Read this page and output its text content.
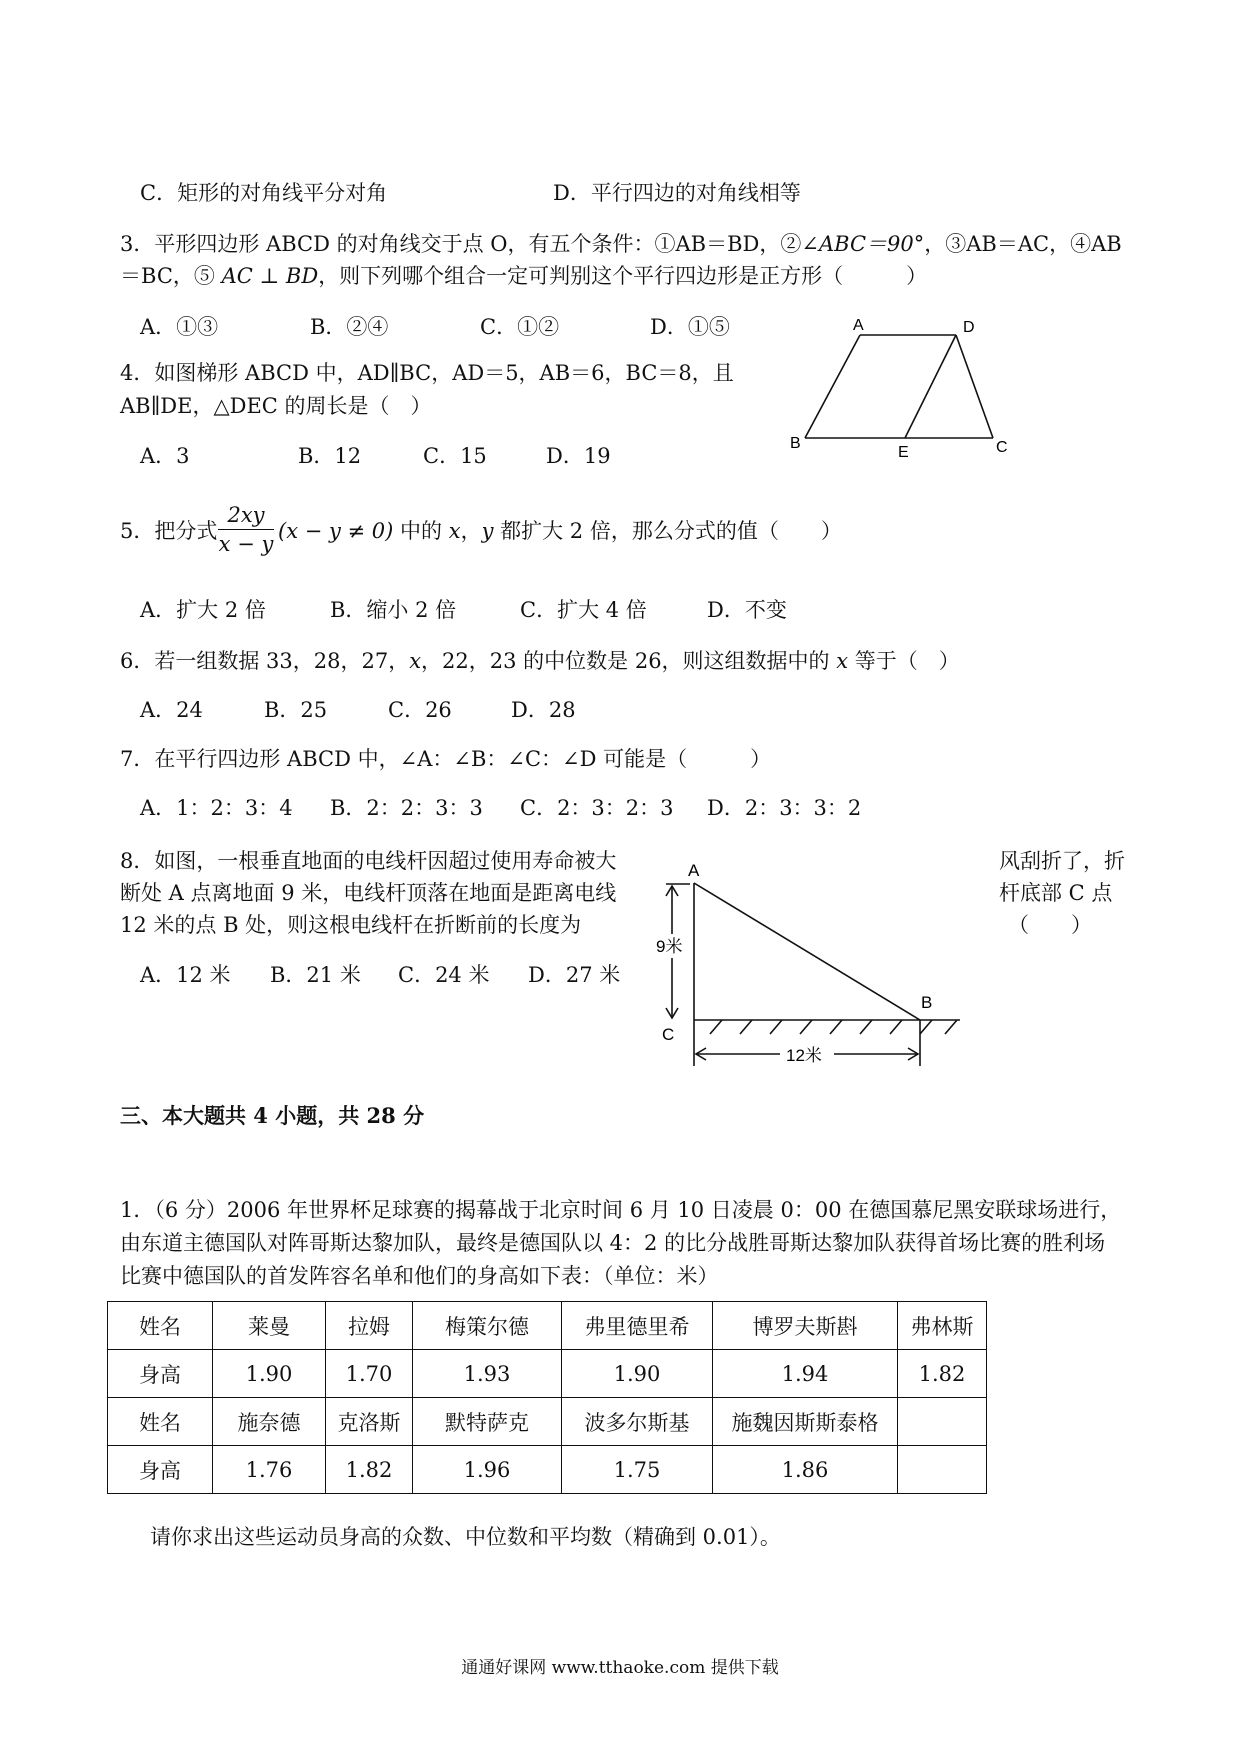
C．矩形的对角线平分对角	D．平行四边的对角线相等
3．平形四边形 ABCD 的对角线交于点 O，有五个条件：①AB＝BD，②∠ABC＝90°，③AB＝AC，④AB
＝BC，⑤ AC ⊥ BD，则下列哪个组合一定可判别这个平行四边形是正方形（　　　）
A．①③	B．②④	C．①②	D．①⑤
4．如图梯形 ABCD 中，AD∥BC，AD＝5，AB＝6，BC＝8，且
AB∥DE，△DEC 的周长是（　）
A．3	B．12	C．15	D．19
A	D
B
E	C
5．把分式
2xy
x − y
(x − y ≠ 0) 中的 x，y 都扩大 2 倍，那么分式的值（　　）
A．扩大 2 倍	B．缩小 2 倍	C．扩大 4 倍	D．不变
6．若一组数据 33，28，27，x，22，23 的中位数是 26，则这组数据中的 x 等于（　）
A．24	B．25	C．26	D．28
7．在平行四边形 ABCD 中，∠A：∠B：∠C：∠D 可能是（　　　）
A．1：2：3：4 B．2：2：3：3 C．2：3：2：3 D．2：3：3：2
8．如图，一根垂直地面的电线杆因超过使用寿命被大
断处 A 点离地面 9 米，电线杆顶落在地面是距离电线
12 米的点 B 处，则这根电线杆在折断前的长度为
风刮折了，折
杆底部 C 点
（　　）
A．12 米 B．21 米 C．24 米 D．27 米
A
B
C
9米
12米
三、本大题共 4 小题，共 28 分
1．（6 分）2006 年世界杯足球赛的揭幕战于北京时间 6 月 10 日凌晨 0：00 在德国慕尼黑安联球场进行，
由东道主德国队对阵哥斯达黎加队，最终是德国队以 4：2 的比分战胜哥斯达黎加队获得首场比赛的胜利场
比赛中德国队的首发阵容名单和他们的身高如下表：（单位：米）
姓名	莱曼	拉姆	梅策尔德	弗里德里希	博罗夫斯斟	弗林斯
身高	1.90	1.70	1.93	1.90	1.94	1.82
姓名	施奈德	克洛斯	默特萨克	波多尔斯基	施魏因斯斯泰格	
身高	1.76	1.82	1.96	1.75	1.86	
请你求出这些运动员身高的众数、中位数和平均数（精确到 0.01）。
通通好课网 www.tthaoke.com 提供下载
